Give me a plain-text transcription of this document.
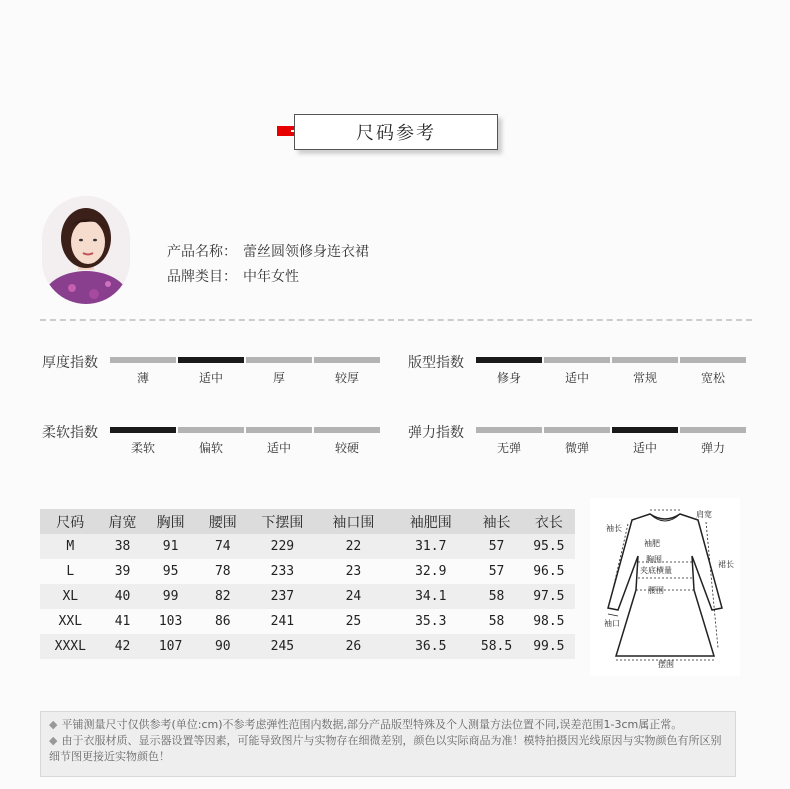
尺码参考
产品名称： 蕾丝圆领修身连衣裙
品牌类目： 中年女性
厚度指数
薄	适中	厚	较厚
版型指数
修身	适中	常规	宽松
柔软指数
柔软	偏软	适中	较硬
弹力指数
无弹	微弹	适中	弹力
尺码	肩宽	胸围	腰围	下摆围	袖口围	袖肥围	袖长	衣长
M	38	91	74	229	22	31.7	57	95.5
L	39	95	78	233	23	32.9	57	96.5
XL	40	99	82	237	24	34.1	58	97.5
XXL	41	103	86	241	25	35.3	58	98.5
XXXL	42	107	90	245	26	36.5	58.5	99.5
肩宽
袖长
袖肥
胸围
夹底横量
腰围
裙长
袖口
摆围
◆ 平铺测量尺寸仅供参考(单位:cm)不参考虑弹性范围内数据,部分产品版型特殊及个人测量方法位置不同,误差范围1-3cm属正常。
◆ 由于衣服材质、显示器设置等因素，可能导致图片与实物存在细微差别，颜色以实际商品为准！模特拍摄因光线原因与实物颜色有所区别细节图更接近实物颜色！
